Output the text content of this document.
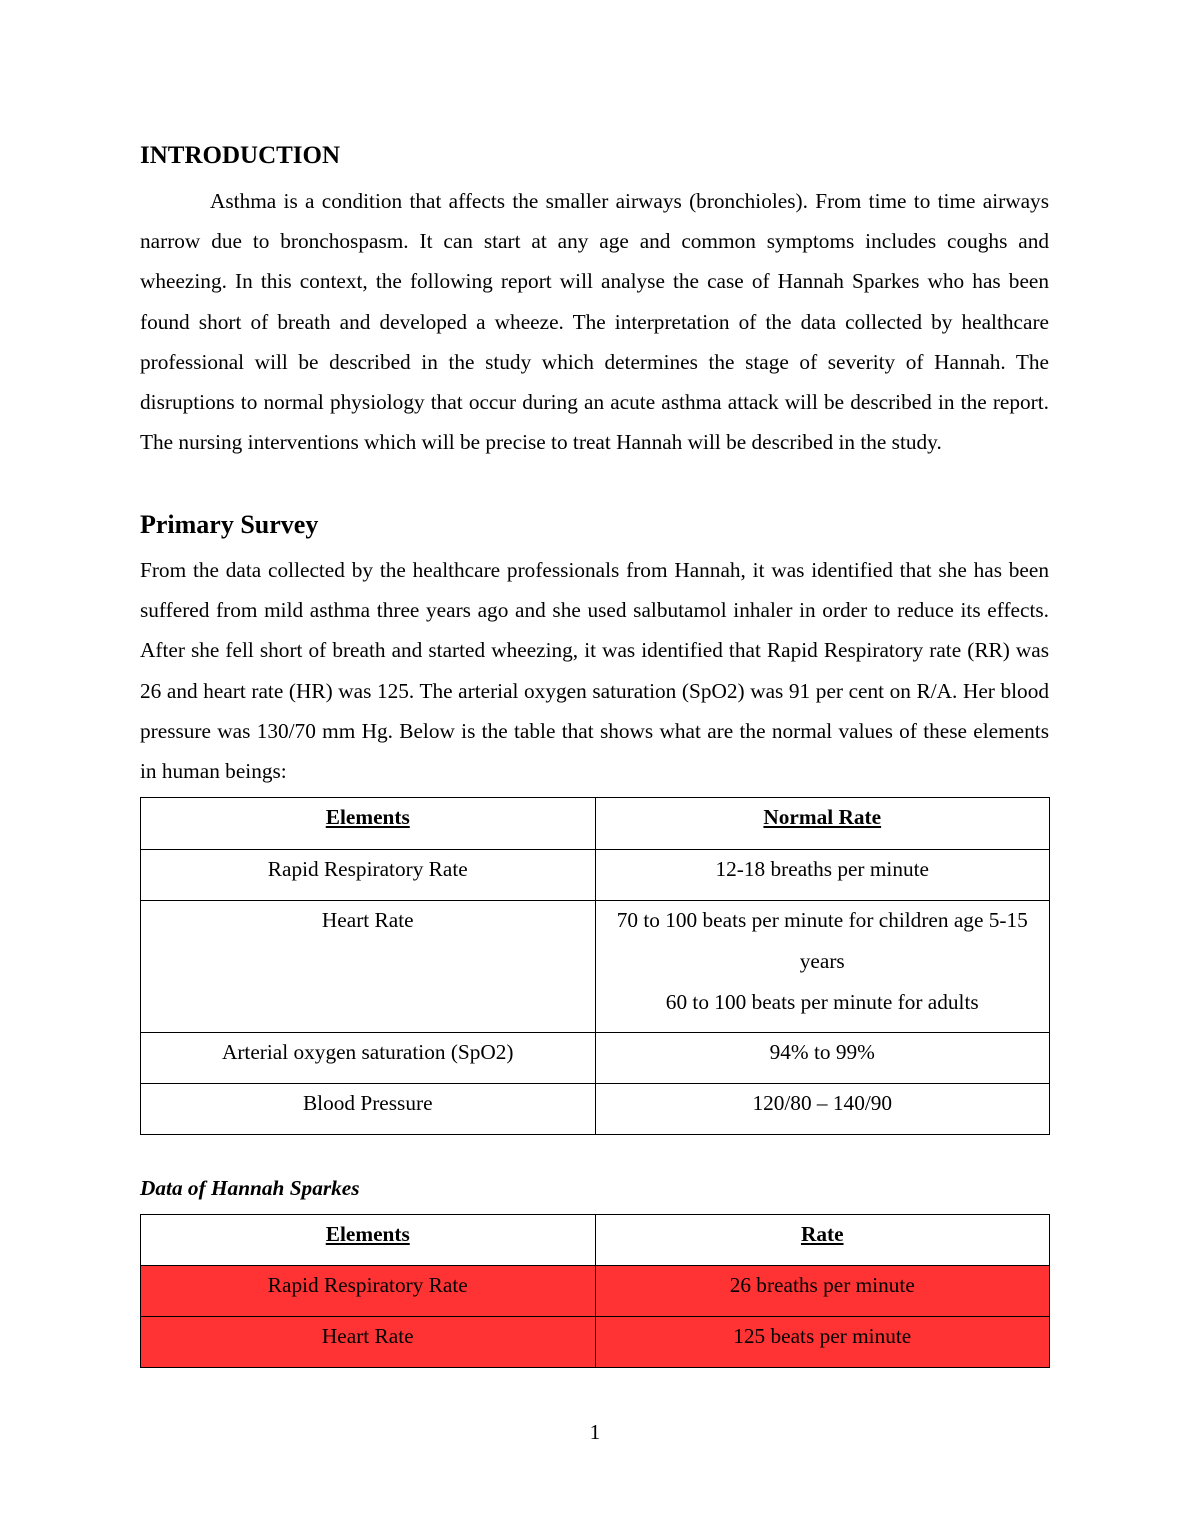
INTRODUCTION

Asthma is a condition that affects the smaller airways (bronchioles). From time to time airways narrow due to bronchospasm. It can start at any age and common symptoms includes coughs and wheezing. In this context, the following report will analyse the case of Hannah Sparkes who has been found short of breath and developed a wheeze. The interpretation of the data collected by healthcare professional will be described in the study which determines the stage of severity of Hannah. The disruptions to normal physiology that occur during an acute asthma attack will be described in the report. The nursing interventions which will be precise to treat Hannah will be described in the study.

Primary Survey

From the data collected by the healthcare professionals from Hannah, it was identified that she has been suffered from mild asthma three years ago and she used salbutamol inhaler in order to reduce its effects. After she fell short of breath and started wheezing, it was identified that Rapid Respiratory rate (RR) was 26 and heart rate (HR) was 125. The arterial oxygen saturation (SpO2) was 91 per cent on R/A. Her blood pressure was 130/70 mm Hg. Below is the table that shows what are the normal values of these elements in human beings:

Elements	Normal Rate
Rapid Respiratory Rate	12-18 breaths per minute
Heart Rate	70 to 100 beats per minute for children age 5-15 years
60 to 100 beats per minute for adults

Arterial oxygen saturation (SpO2)	94% to 99%
Blood Pressure	120/80 – 140/90

Data of Hannah Sparkes

Elements	Rate
Rapid Respiratory Rate	26 breaths per minute
Heart Rate	125 beats per minute
1
